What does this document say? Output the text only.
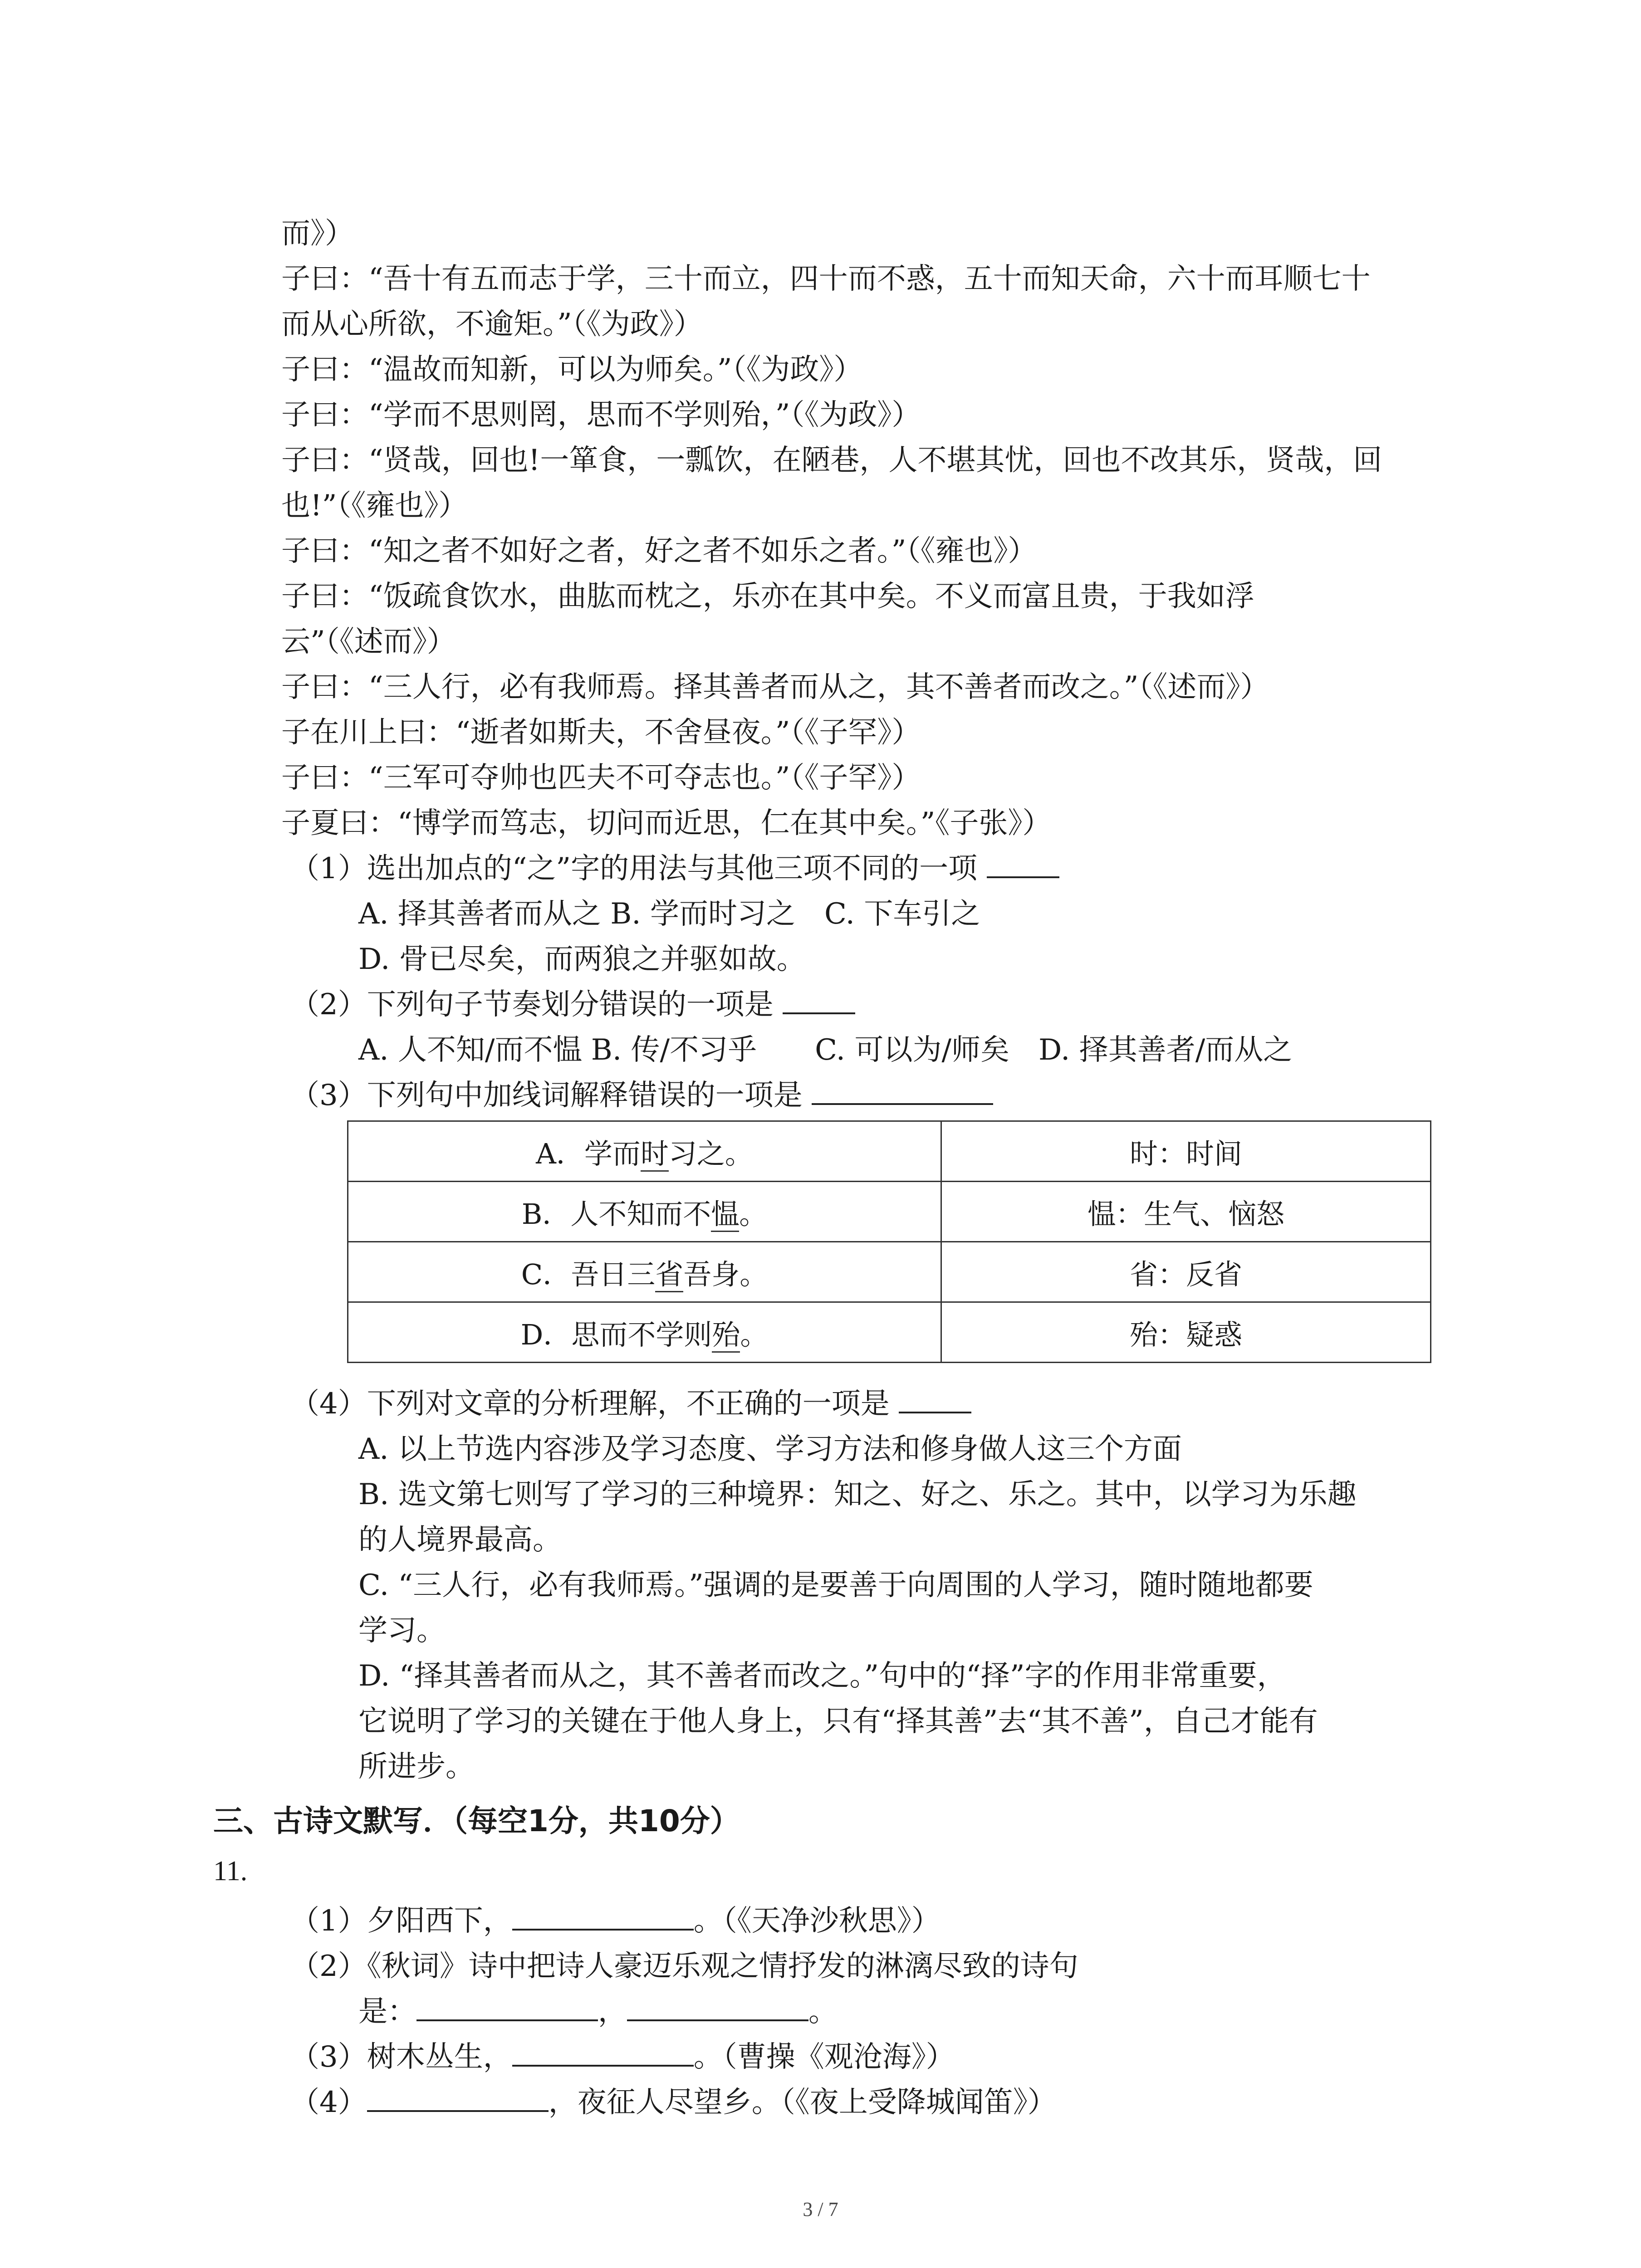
而》）
子曰：“吾十有五而志于学，三十而立，四十而不惑，五十而知天命，六十而耳顺七十
而从心所欲，不逾矩。”（《为政》）
子曰：“温故而知新，可以为师矣。”（《为政》）
子曰：“学而不思则罔，思而不学则殆，”（《为政》）
子曰：“贤哉，回也!一箪食，一瓢饮，在陋巷，人不堪其忧，回也不改其乐，贤哉，回
也!”（《雍也》）
子曰：“知之者不如好之者，好之者不如乐之者。”（《雍也》）
子曰：“饭疏食饮水，曲肱而枕之，乐亦在其中矣。不义而富且贵，于我如浮
云”（《述而》）
子曰：“三人行，必有我师焉。择其善者而从之，其不善者而改之。”（《述而》）
子在川上曰：“逝者如斯夫，不舍昼夜。”（《子罕》）
子曰：“三军可夺帅也匹夫不可夺志也。”（《子罕》）
子夏曰：“博学而笃志，切问而近思，仁在其中矣。”《子张》）
（1）选出加点的“之”字的用法与其他三项不同的一项
A. 择其善者而从之 B. 学而时习之　C. 下车引之
D. 骨已尽矣，而两狼之并驱如故。
（2）下列句子节奏划分错误的一项是
A. 人不知/而不愠 B. 传/不习乎　　C. 可以为/师矣　D. 择其善者/而从之
（3）下列句中加线词解释错误的一项是
A．学而时习之。	时：时间
B．人不知而不愠。	愠：生气、恼怒
C．吾日三省吾身。	省：反省
D．思而不学则殆。	殆：疑惑
（4）下列对文章的分析理解，不正确的一项是
A. 以上节选内容涉及学习态度、学习方法和修身做人这三个方面
B. 选文第七则写了学习的三种境界：知之、好之、乐之。其中，以学习为乐趣
的人境界最高。
C. “三人行，必有我师焉。”强调的是要善于向周围的人学习，随时随地都要
学习。
D. “择其善者而从之，其不善者而改之。”句中的“择”字的作用非常重要，
它说明了学习的关键在于他人身上，只有“择其善”去“其不善”，自己才能有
所进步。
三、古诗文默写．（每空1分，共10分）
11.
（1）夕阳西下，	。（《天净沙秋思》）
（2）《秋词》诗中把诗人豪迈乐观之情抒发的淋漓尽致的诗句
是：	，	。
（3）树木丛生，	。（曹操《观沧海》）
（4）	，夜征人尽望乡。（《夜上受降城闻笛》）
3 / 7
